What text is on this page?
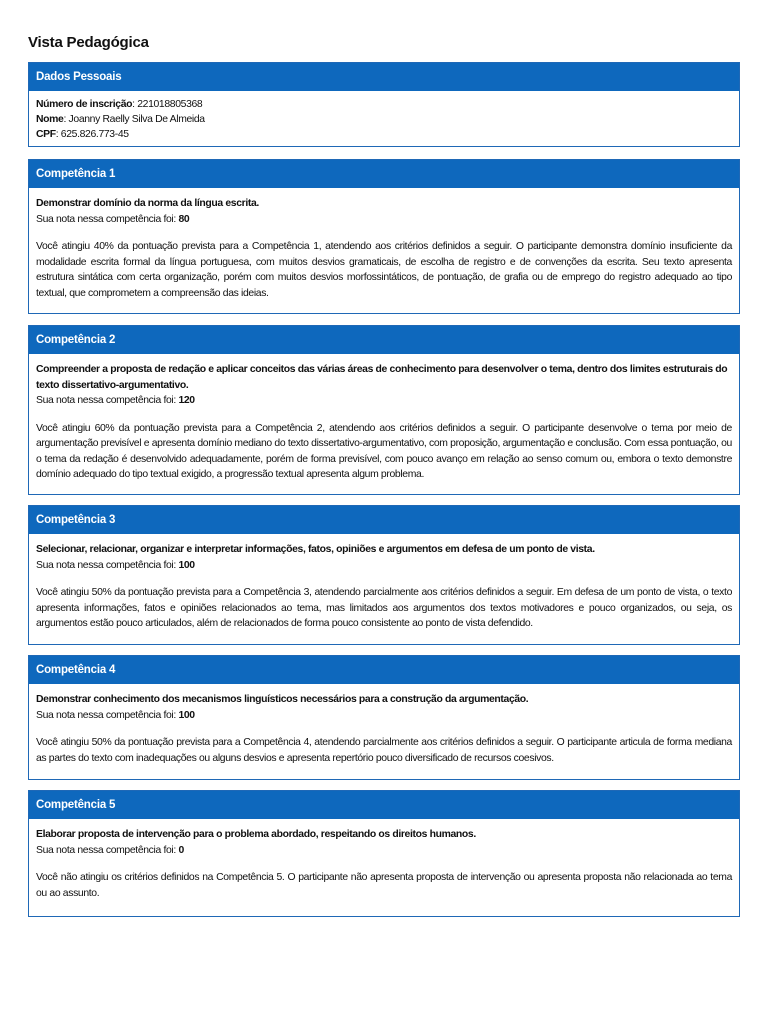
Vista Pedagógica
Dados Pessoais
Número de inscrição: 221018805368
Nome: Joanny Raelly Silva De Almeida
CPF: 625.826.773-45
Competência 1
Demonstrar domínio da norma da língua escrita.
Sua nota nessa competência foi: 80
Você atingiu 40% da pontuação prevista para a Competência 1, atendendo aos critérios definidos a seguir. O participante demonstra domínio insuficiente da modalidade escrita formal da língua portuguesa, com muitos desvios gramaticais, de escolha de registro e de convenções da escrita. Seu texto apresenta estrutura sintática com certa organização, porém com muitos desvios morfossintáticos, de pontuação, de grafia ou de emprego do registro adequado ao tipo textual, que comprometem a compreensão das ideias.
Competência 2
Compreender a proposta de redação e aplicar conceitos das várias áreas de conhecimento para desenvolver o tema, dentro dos limites estruturais do texto dissertativo-argumentativo.
Sua nota nessa competência foi: 120
Você atingiu 60% da pontuação prevista para a Competência 2, atendendo aos critérios definidos a seguir. O participante desenvolve o tema por meio de argumentação previsível e apresenta domínio mediano do texto dissertativo-argumentativo, com proposição, argumentação e conclusão. Com essa pontuação, ou o tema da redação é desenvolvido adequadamente, porém de forma previsível, com pouco avanço em relação ao senso comum ou, embora o texto demonstre domínio adequado do tipo textual exigido, a progressão textual apresenta algum problema.
Competência 3
Selecionar, relacionar, organizar e interpretar informações, fatos, opiniões e argumentos em defesa de um ponto de vista.
Sua nota nessa competência foi: 100
Você atingiu 50% da pontuação prevista para a Competência 3, atendendo parcialmente aos critérios definidos a seguir. Em defesa de um ponto de vista, o texto apresenta informações, fatos e opiniões relacionados ao tema, mas limitados aos argumentos dos textos motivadores e pouco organizados, ou seja, os argumentos estão pouco articulados, além de relacionados de forma pouco consistente ao ponto de vista defendido.
Competência 4
Demonstrar conhecimento dos mecanismos linguísticos necessários para a construção da argumentação.
Sua nota nessa competência foi: 100
Você atingiu 50% da pontuação prevista para a Competência 4, atendendo parcialmente aos critérios definidos a seguir. O participante articula de forma mediana as partes do texto com inadequações ou alguns desvios e apresenta repertório pouco diversificado de recursos coesivos.
Competência 5
Elaborar proposta de intervenção para o problema abordado, respeitando os direitos humanos.
Sua nota nessa competência foi: 0
Você não atingiu os critérios definidos na Competência 5. O participante não apresenta proposta de intervenção ou apresenta proposta não relacionada ao tema ou ao assunto.
